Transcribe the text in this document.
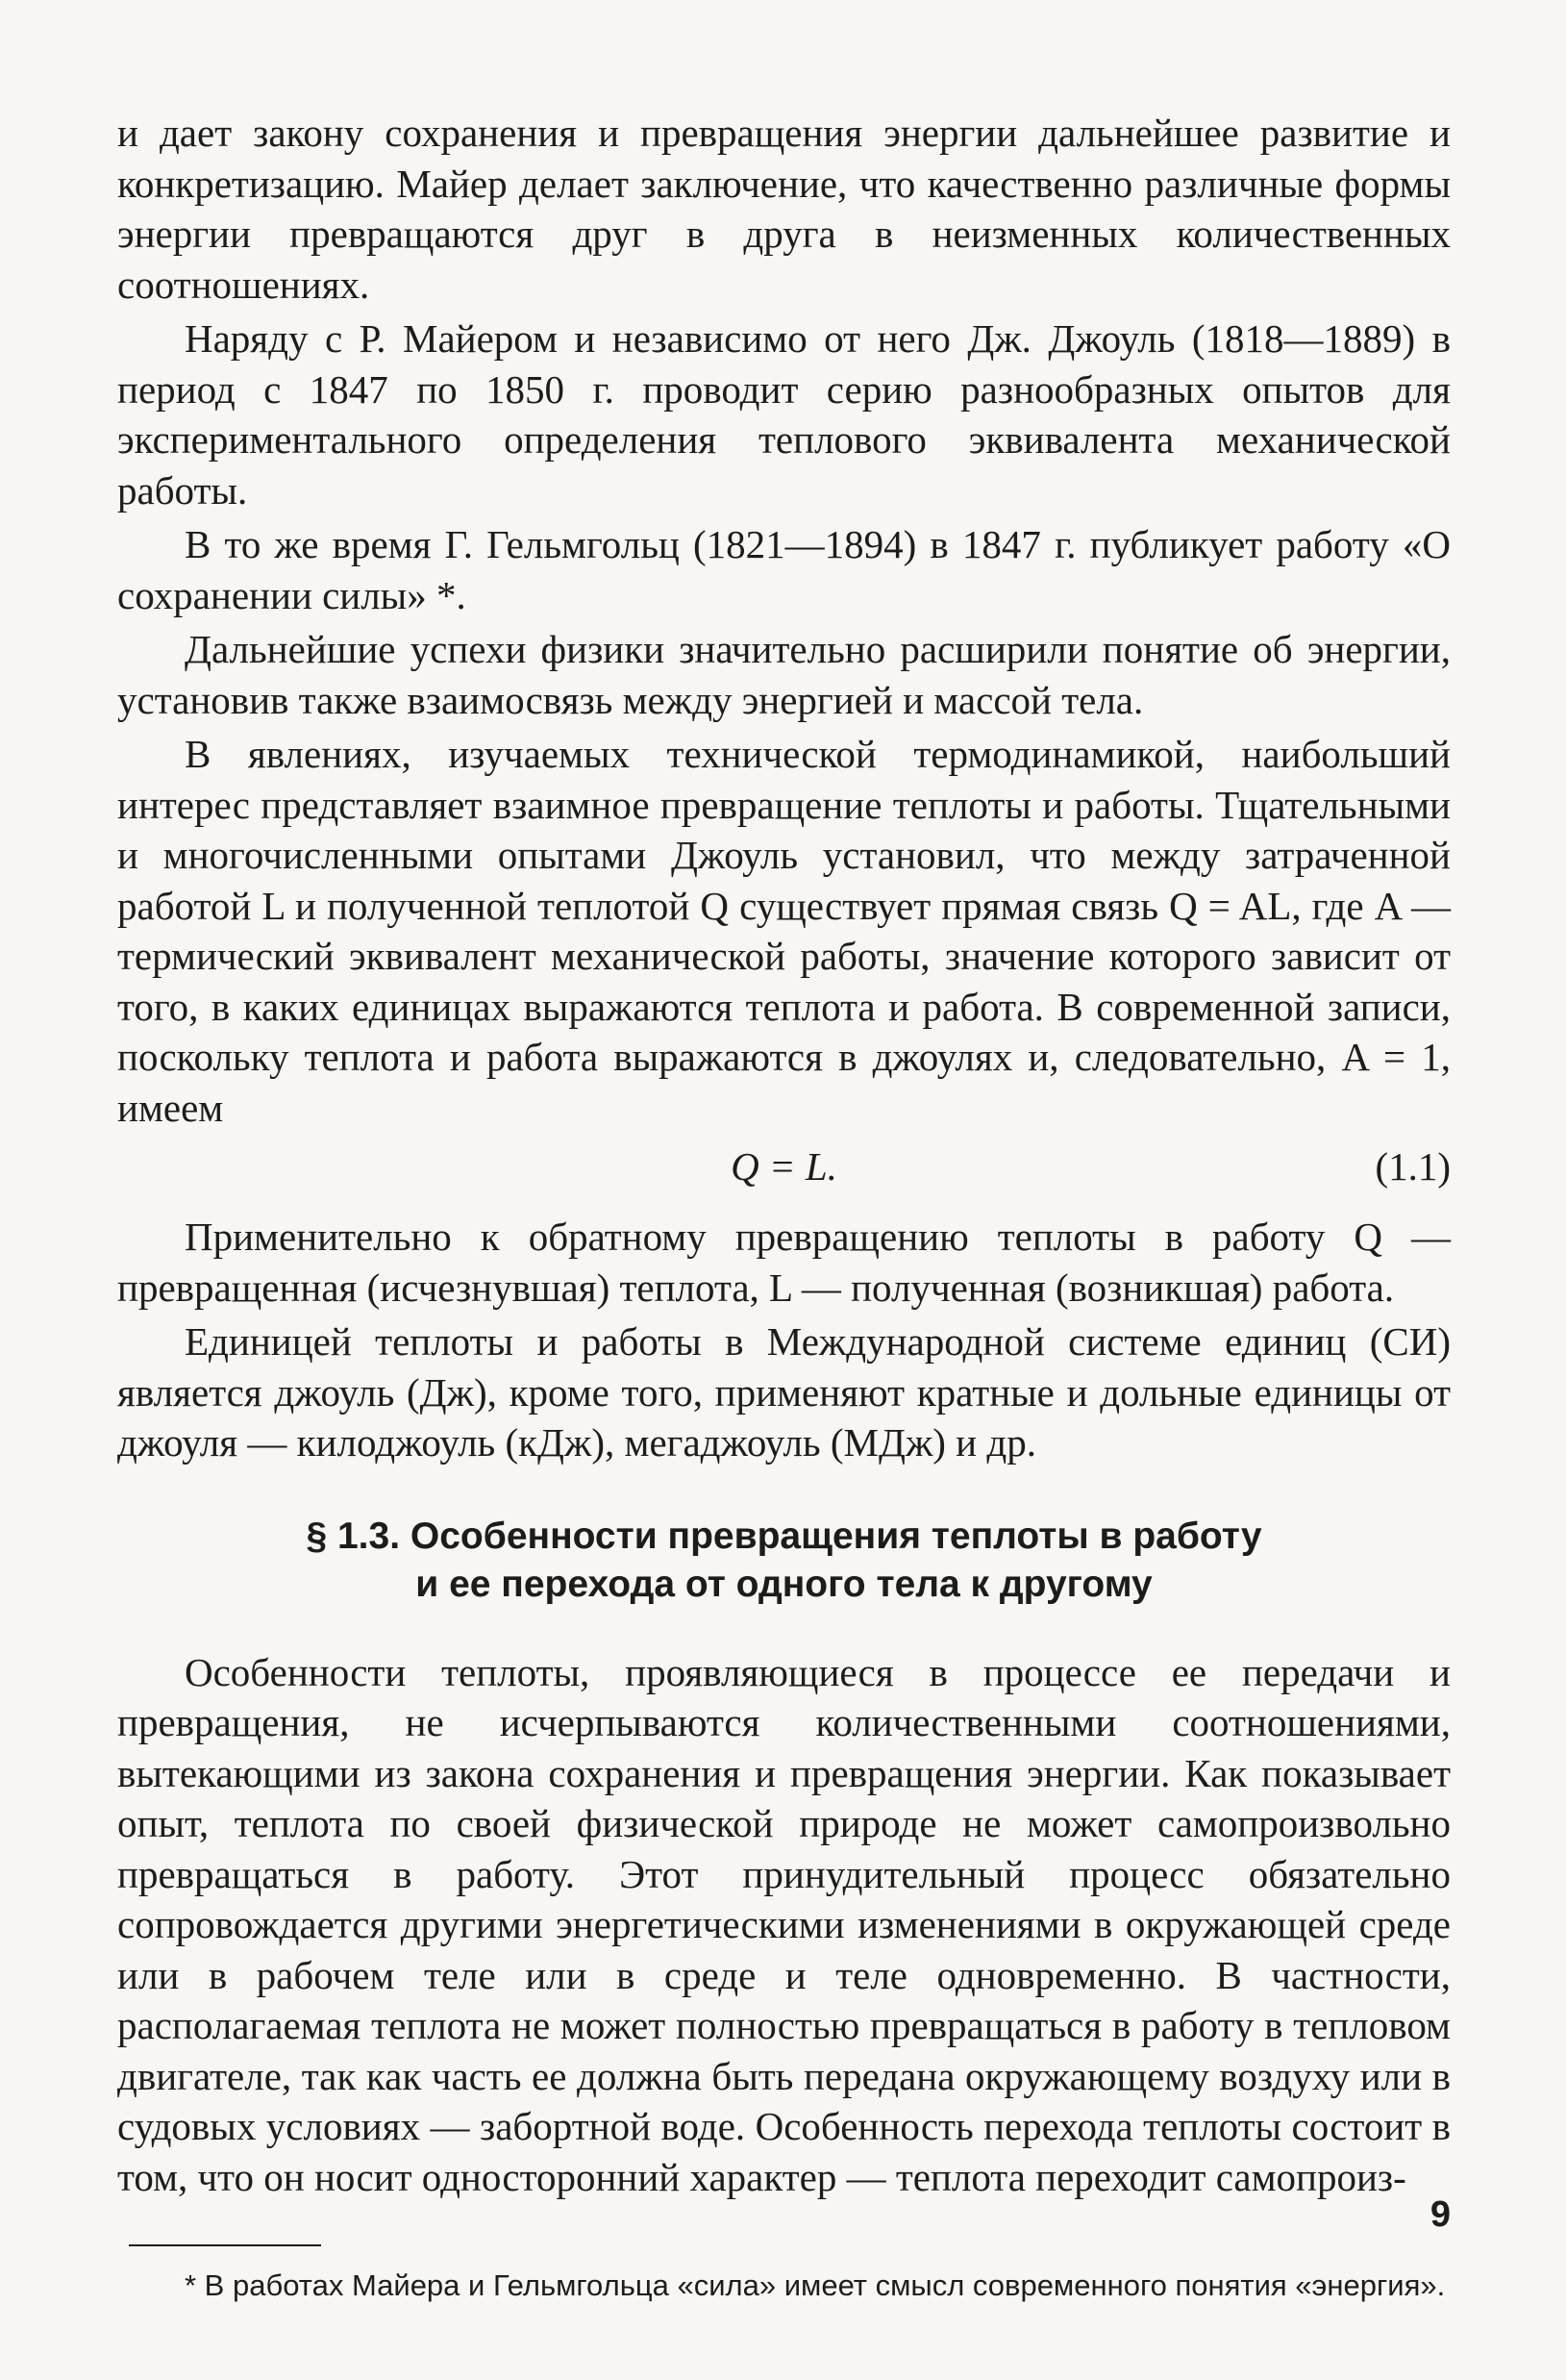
и дает закону сохранения и превращения энергии дальнейшее развитие и конкретизацию. Майер делает заключение, что качественно различные формы энергии превращаются друг в друга в неизменных количественных соотношениях.

Наряду с Р. Майером и независимо от него Дж. Джоуль (1818—1889) в период с 1847 по 1850 г. проводит серию разнообразных опытов для экспериментального определения теплового эквивалента механической работы.

В то же время Г. Гельмгольц (1821—1894) в 1847 г. публикует работу «О сохранении силы» *.

Дальнейшие успехи физики значительно расширили понятие об энергии, установив также взаимосвязь между энергией и массой тела.

В явлениях, изучаемых технической термодинамикой, наибольший интерес представляет взаимное превращение теплоты и работы. Тщательными и многочисленными опытами Джоуль установил, что между затраченной работой L и полученной теплотой Q существует прямая связь Q = AL, где A — термический эквивалент механической работы, значение которого зависит от того, в каких единицах выражаются теплота и работа. В современной записи, поскольку теплота и работа выражаются в джоулях и, следовательно, A = 1, имеем

Q = L.	(1.1)

Применительно к обратному превращению теплоты в работу Q — превращенная (исчезнувшая) теплота, L — полученная (возникшая) работа.

Единицей теплоты и работы в Международной системе единиц (СИ) является джоуль (Дж), кроме того, применяют кратные и дольные единицы от джоуля — килоджоуль (кДж), мегаджоуль (МДж) и др.

§ 1.3. Особенности превращения теплоты в работу
и ее перехода от одного тела к другому

Особенности теплоты, проявляющиеся в процессе ее передачи и превращения, не исчерпываются количественными соотношениями, вытекающими из закона сохранения и превращения энергии. Как показывает опыт, теплота по своей физической природе не может самопроизвольно превращаться в работу. Этот принудительный процесс обязательно сопровождается другими энергетическими изменениями в окружающей среде или в рабочем теле или в среде и теле одновременно. В частности, располагаемая теплота не может полностью превращаться в работу в тепловом двигателе, так как часть ее должна быть передана окружающему воздуху или в судовых условиях — забортной воде. Особенность перехода теплоты состоит в том, что он носит односторонний характер — теплота переходит самопроиз-

* В работах Майера и Гельмгольца «сила» имеет смысл современного понятия «энергия».

9
